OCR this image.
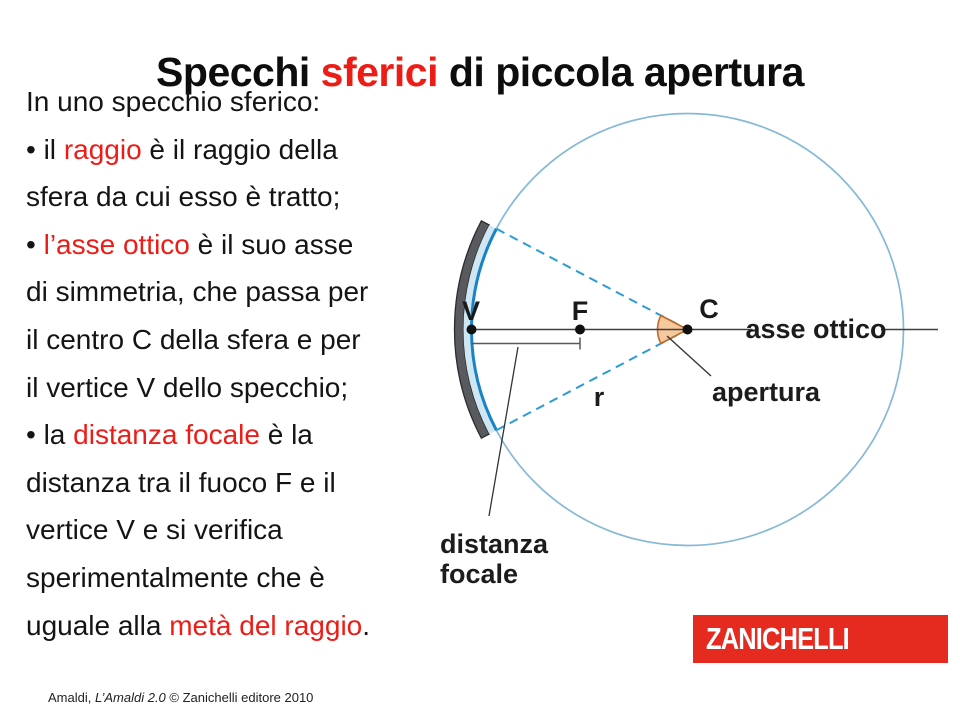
Specchi sferici di piccola apertura
In uno specchio sferico:
• il raggio è il raggio della
sfera da cui esso è tratto;
• l’asse ottico è il suo asse
di simmetria, che passa per
il centro C della sfera e per
il vertice V dello specchio;
• la distanza focale è la
distanza tra il fuoco F e il
vertice V e si verifica
sperimentalmente che è
uguale alla metà del raggio.
V	F	C
asse ottico
apertura
r
distanza
focale
Amaldi, L’Amaldi 2.0 © Zanichelli editore 2010
ZANICHELLI
